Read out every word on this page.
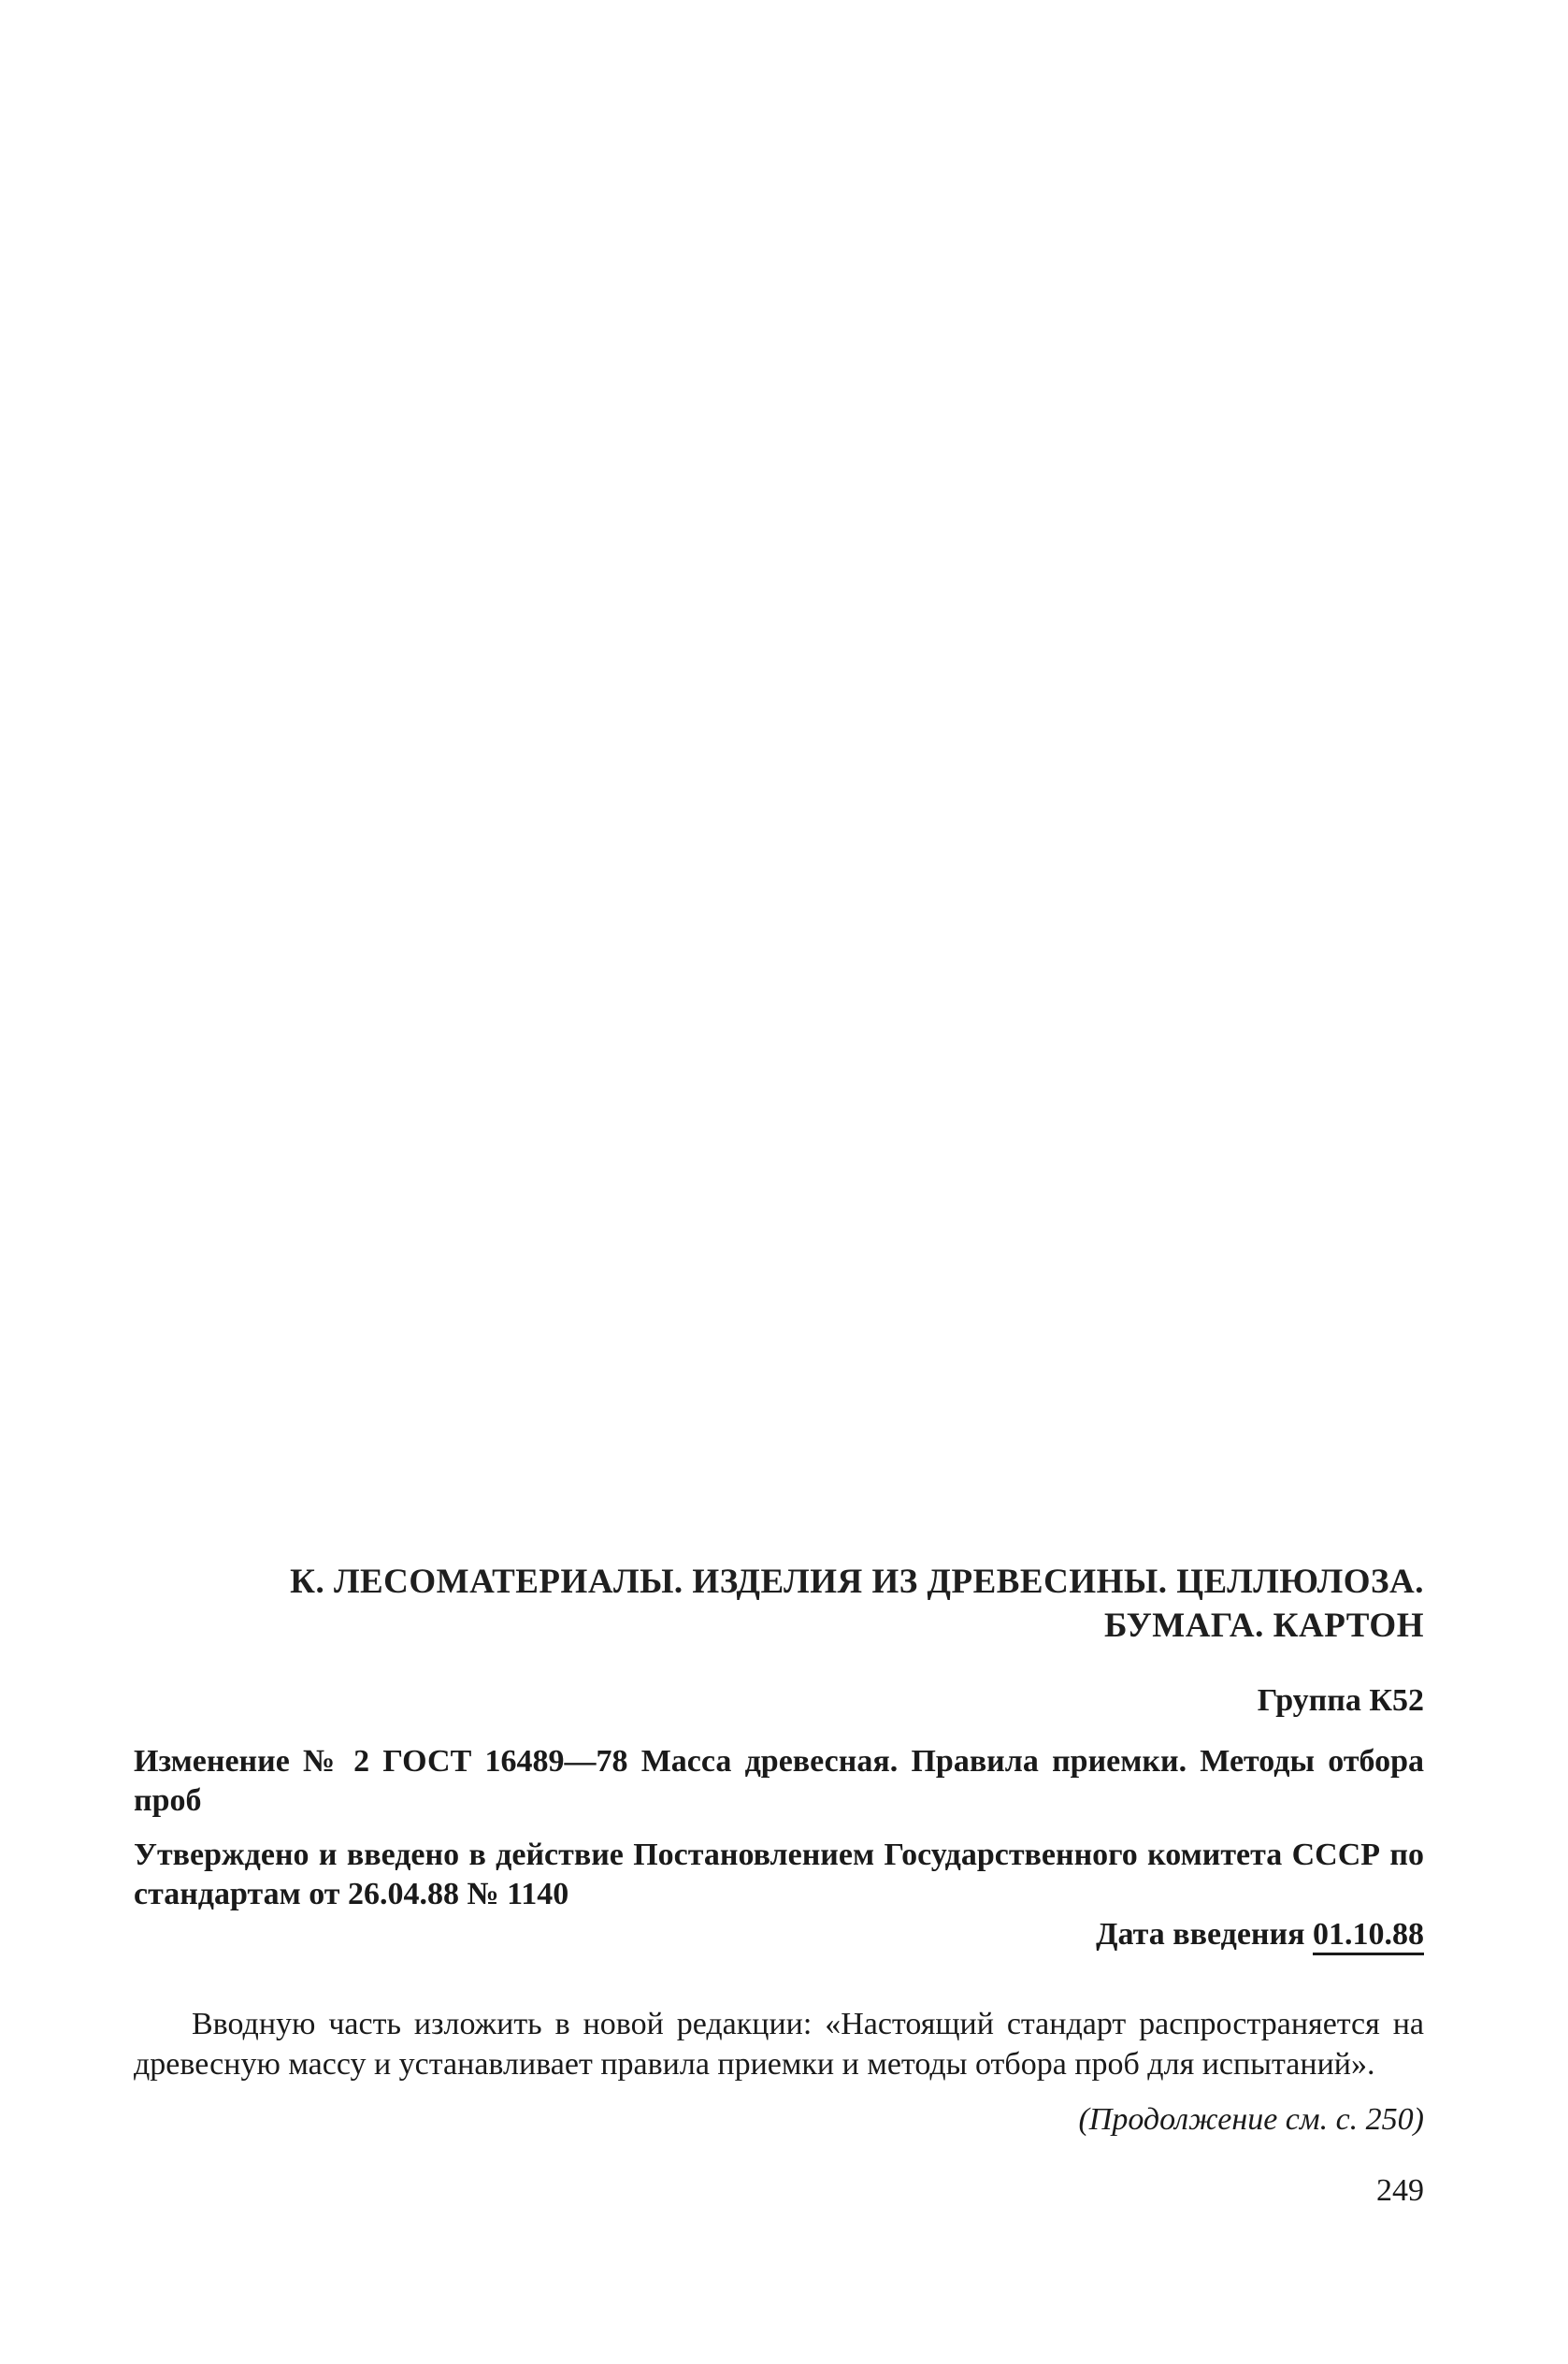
К. ЛЕСОМАТЕРИАЛЫ. ИЗДЕЛИЯ ИЗ ДРЕВЕСИНЫ. ЦЕЛЛЮЛОЗА.
БУМАГА. КАРТОН
Группа К52
Изменение № 2 ГОСТ 16489—78 Масса древесная. Правила приемки. Методы отбора проб
Утверждено и введено в действие Постановлением Государственного комитета СССР по стандартам от 26.04.88 № 1140
Дата введения 01.10.88
Вводную часть изложить в новой редакции: «Настоящий стандарт распространяется на древесную массу и устанавливает правила приемки и методы отбора проб для испытаний».
(Продолжение см. с. 250)
249
